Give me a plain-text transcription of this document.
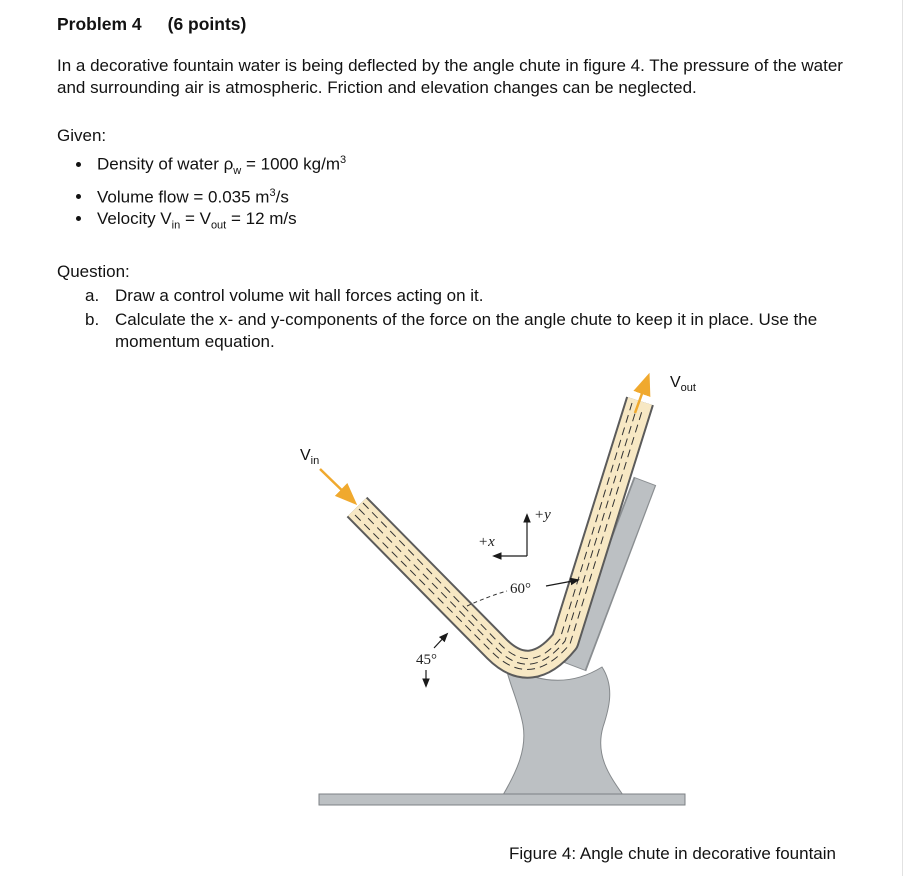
Problem 4 (6 points)

In a decorative fountain water is being deflected by the angle chute in figure 4. The pressure of the water and surrounding air is atmospheric. Friction and elevation changes can be neglected.

Given:

• Density of water $\rho_w = 1000$ $kg/m^3$
• Volume flow = 0.035 $m^3/s$
• Velocity $V_{in} = V_{out} = 12$ m/s

Question:

a. Draw a control volume wit hall forces acting on it.
b. Calculate the x- and y-components of the force on the angle chute to keep it in place. Use the momentum equation.
+x
+y
60°
45°
$V_{in}$
$V_{out}$

Figure 4: Angle chute in decorative fountain
